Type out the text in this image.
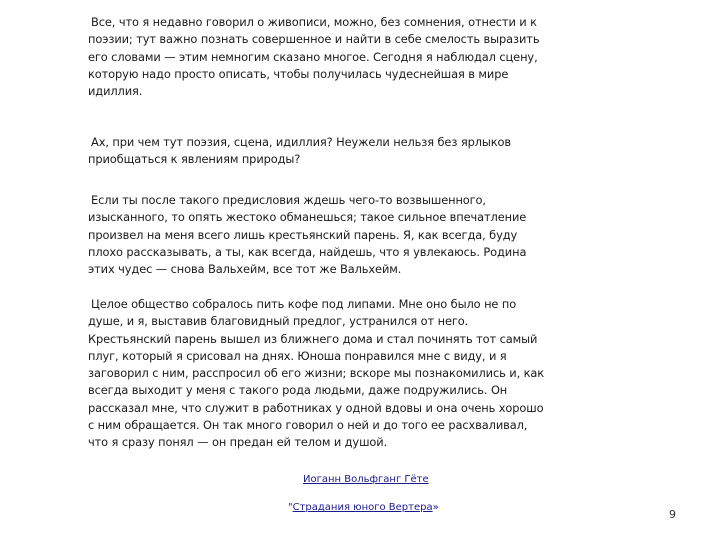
Все, что я недавно говорил о живописи, можно, без сомнения, отнести и к поэзии; тут важно познать совершенное и найти в себе смелость выразить его словами — этим немногим сказано многое. Сегодня я наблюдал сцену, которую надо просто описать, чтобы получилась чудеснейшая в мире идиллия.

Ах, при чем тут поэзия, сцена, идиллия? Неужели нельзя без ярлыков приобщаться к явлениям природы?

Если ты после такого предисловия ждешь чего-то возвышенного, изысканного, то опять жестоко обманешься; такое сильное впечатление произвел на меня всего лишь крестьянский парень. Я, как всегда, буду плохо рассказывать, а ты, как всегда, найдешь, что я увлекаюсь. Родина этих чудес — снова Вальхейм, все тот же Вальхейм.

Целое общество собралось пить кофе под липами. Мне оно было не по душе, и я, выставив благовидный предлог, устранился от него. Крестьянский парень вышел из ближнего дома и стал починять тот самый плуг, который я срисовал на днях. Юноша понравился мне с виду, и я заговорил с ним, расспросил об его жизни; вскоре мы познакомились и, как всегда выходит у меня с такого рода людьми, даже подружились. Он рассказал мне, что служит в работниках у одной вдовы и она очень хорошо с ним обращается. Он так много говорил о ней и до того ее расхваливал, что я сразу понял — он предан ей телом и душой.

Иоганн Вольфганг Гёте
"Страдания юного Вертера»
9
